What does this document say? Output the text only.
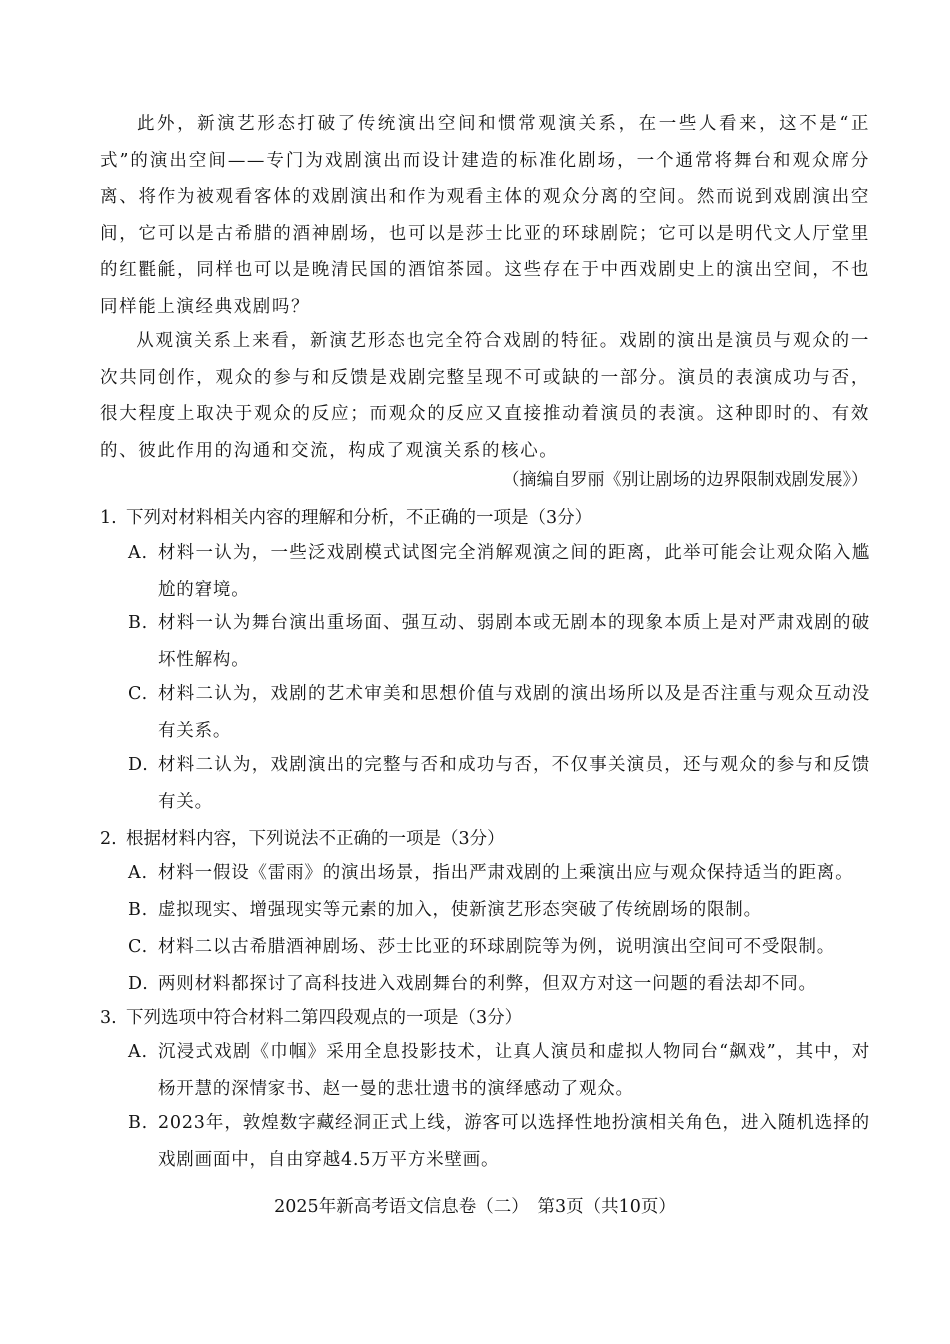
此外，新演艺形态打破了传统演出空间和惯常观演关系，在一些人看来，这不是“正式”的演出空间——专门为戏剧演出而设计建造的标准化剧场，一个通常将舞台和观众席分离、将作为被观看客体的戏剧演出和作为观看主体的观众分离的空间。然而说到戏剧演出空间，它可以是古希腊的酒神剧场，也可以是莎士比亚的环球剧院；它可以是明代文人厅堂里的红氍毹，同样也可以是晚清民国的酒馆茶园。这些存在于中西戏剧史上的演出空间，不也同样能上演经典戏剧吗？

从观演关系上来看，新演艺形态也完全符合戏剧的特征。戏剧的演出是演员与观众的一次共同创作，观众的参与和反馈是戏剧完整呈现不可或缺的一部分。演员的表演成功与否，很大程度上取决于观众的反应；而观众的反应又直接推动着演员的表演。这种即时的、有效的、彼此作用的沟通和交流，构成了观演关系的核心。

（摘编自罗丽《别让剧场的边界限制戏剧发展》）
1. 下列对材料相关内容的理解和分析，不正确的一项是（3分）
A. 材料一认为，一些泛戏剧模式试图完全消解观演之间的距离，此举可能会让观众陷入尴尬的窘境。
B. 材料一认为舞台演出重场面、强互动、弱剧本或无剧本的现象本质上是对严肃戏剧的破坏性解构。
C. 材料二认为，戏剧的艺术审美和思想价值与戏剧的演出场所以及是否注重与观众互动没有关系。
D. 材料二认为，戏剧演出的完整与否和成功与否，不仅事关演员，还与观众的参与和反馈有关。
2. 根据材料内容，下列说法不正确的一项是（3分）
A. 材料一假设《雷雨》的演出场景，指出严肃戏剧的上乘演出应与观众保持适当的距离。
B. 虚拟现实、增强现实等元素的加入，使新演艺形态突破了传统剧场的限制。
C. 材料二以古希腊酒神剧场、莎士比亚的环球剧院等为例，说明演出空间可不受限制。
D. 两则材料都探讨了高科技进入戏剧舞台的利弊，但双方对这一问题的看法却不同。
3. 下列选项中符合材料二第四段观点的一项是（3分）
A. 沉浸式戏剧《巾帼》采用全息投影技术，让真人演员和虚拟人物同台“飙戏”，其中，对杨开慧的深情家书、赵一曼的悲壮遗书的演绎感动了观众。
B. 2023年，敦煌数字藏经洞正式上线，游客可以选择性地扮演相关角色，进入随机选择的戏剧画面中，自由穿越4.5万平方米壁画。
2025年新高考语文信息卷（二）　第3页（共10页）
